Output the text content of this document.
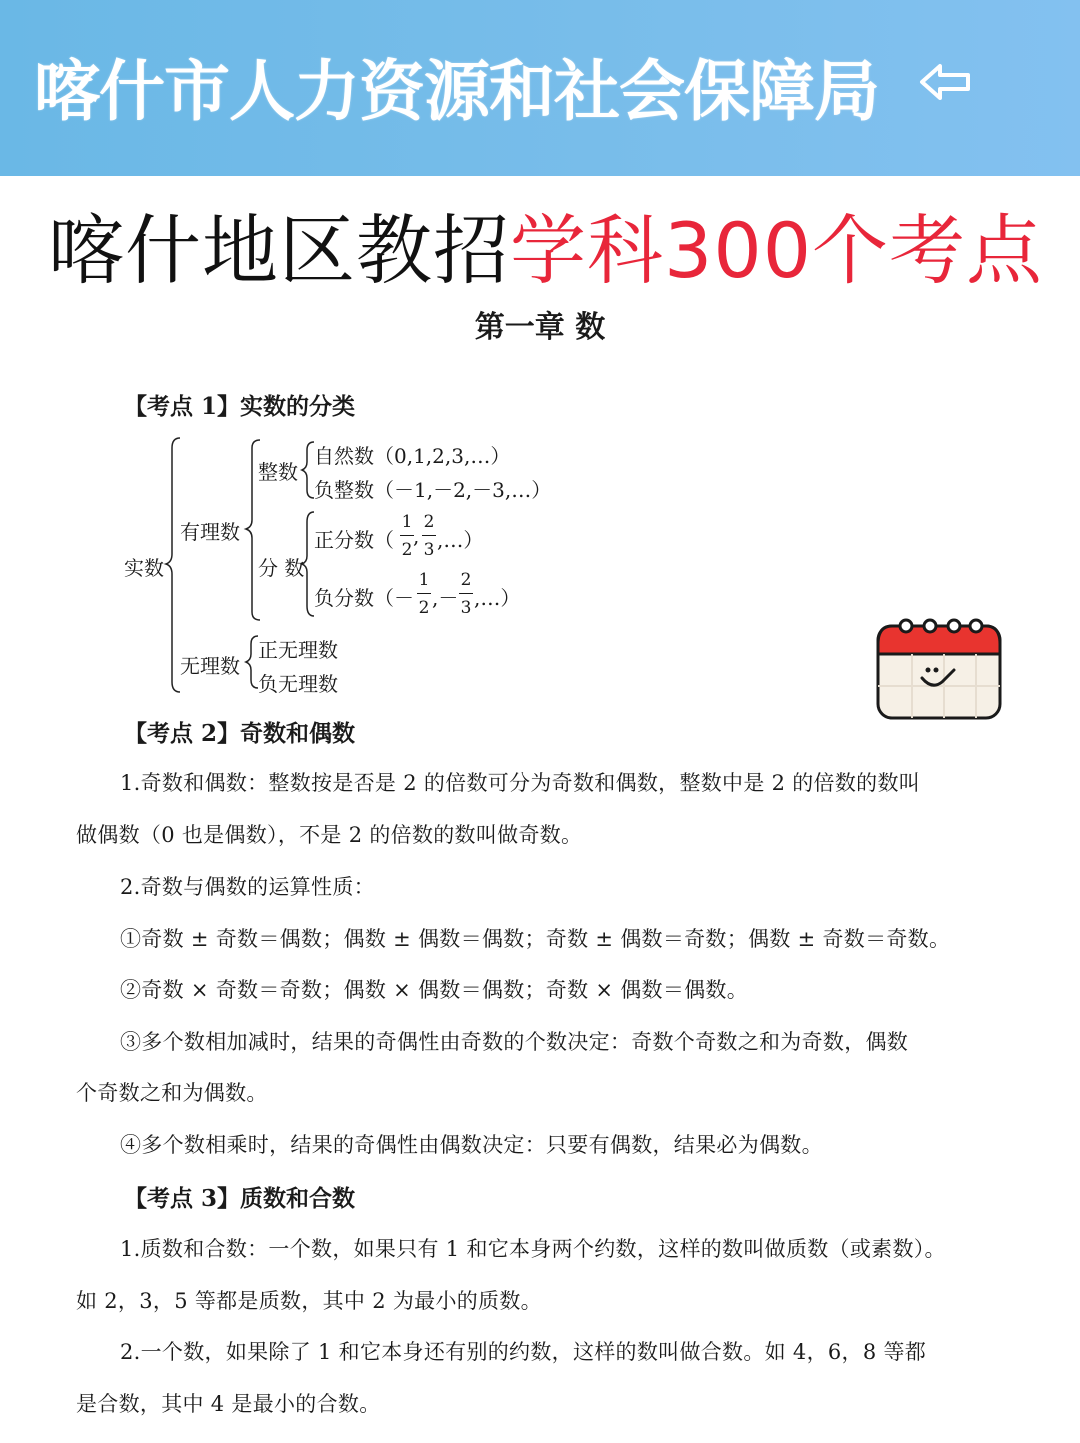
喀什市人力资源和社会保障局
喀什地区教招学科300个考点
第一章 数
【考点 1】实数的分类
实数
有理数
整数
自然数（0,1,2,3,…）
负整数（－1,－2,－3,…）
分 数
正分数（
1
2
,
2
3 ,…）
负分数（－
1
2 ,－
2
3 ,…）
无理数
正无理数
负无理数
【考点 2】奇数和偶数
1.奇数和偶数：整数按是否是 2 的倍数可分为奇数和偶数，整数中是 2 的倍数的数叫
做偶数（0 也是偶数），不是 2 的倍数的数叫做奇数。
2.奇数与偶数的运算性质：
①奇数 ± 奇数＝偶数；偶数 ± 偶数＝偶数；奇数 ± 偶数＝奇数；偶数 ± 奇数＝奇数。
②奇数 × 奇数＝奇数；偶数 × 偶数＝偶数；奇数 × 偶数＝偶数。
③多个数相加减时，结果的奇偶性由奇数的个数决定：奇数个奇数之和为奇数，偶数
个奇数之和为偶数。
④多个数相乘时，结果的奇偶性由偶数决定：只要有偶数，结果必为偶数。
【考点 3】质数和合数
1.质数和合数：一个数，如果只有 1 和它本身两个约数，这样的数叫做质数（或素数）。
如 2，3，5 等都是质数，其中 2 为最小的质数。
2.一个数，如果除了 1 和它本身还有别的约数，这样的数叫做合数。如 4，6，8 等都
是合数，其中 4 是最小的合数。
